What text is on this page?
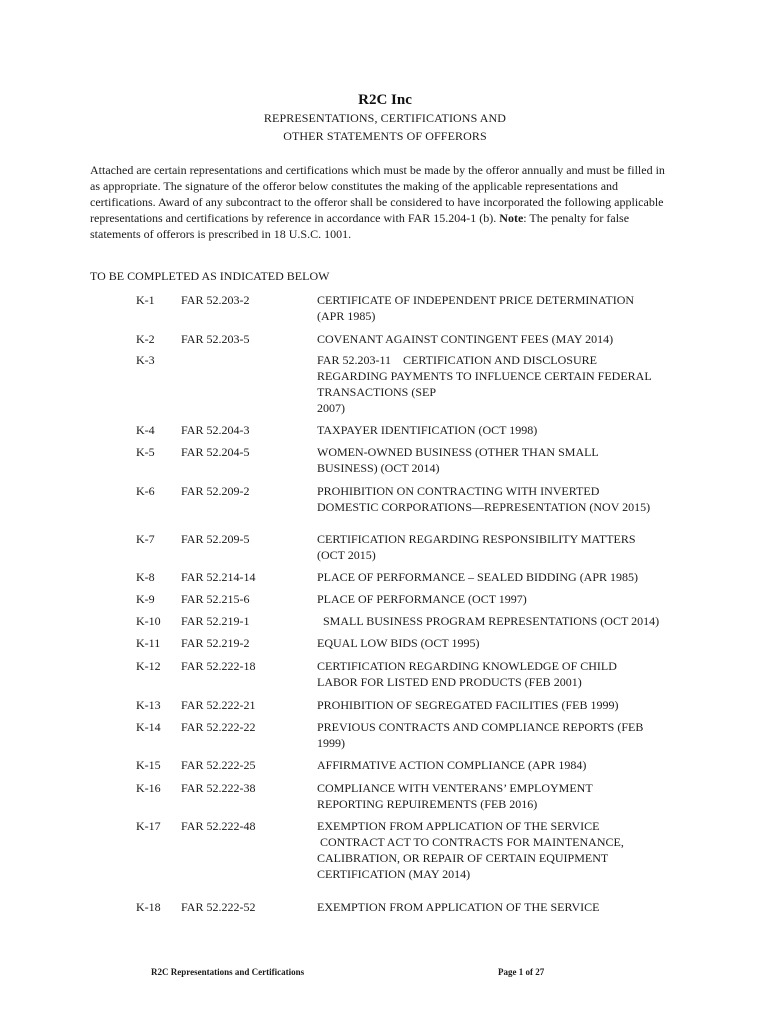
R2C Inc
REPRESENTATIONS, CERTIFICATIONS AND
OTHER STATEMENTS OF OFFERORS
Attached are certain representations and certifications which must be made by the offeror annually and must be filled in as appropriate. The signature of the offeror below constitutes the making of the applicable representations and certifications. Award of any subcontract to the offeror shall be considered to have incorporated the following applicable representations and certifications by reference in accordance with FAR 15.204-1 (b). Note: The penalty for false statements of offerors is prescribed in 18 U.S.C. 1001.
TO BE COMPLETED AS INDICATED BELOW
K-1 FAR 52.203-2	CERTIFICATE OF INDEPENDENT PRICE DETERMINATION
(APR 1985)
K-2 FAR 52.203-5	COVENANT AGAINST CONTINGENT FEES (MAY 2014)
K-3	FAR 52.203-11    CERTIFICATION AND DISCLOSURE
REGARDING PAYMENTS TO INFLUENCE CERTAIN FEDERAL
TRANSACTIONS (SEP
2007)
K-4 FAR 52.204-3	TAXPAYER IDENTIFICATION (OCT 1998)
K-5 FAR 52.204-5	WOMEN-OWNED BUSINESS (OTHER THAN SMALL
BUSINESS) (OCT 2014)
K-6 FAR 52.209-2	PROHIBITION ON CONTRACTING WITH INVERTED
DOMESTIC CORPORATIONS—REPRESENTATION (NOV 2015)
K-7 FAR 52.209-5	CERTIFICATION REGARDING RESPONSIBILITY MATTERS
(OCT 2015)
K-8 FAR 52.214-14	PLACE OF PERFORMANCE – SEALED BIDDING (APR 1985)
K-9 FAR 52.215-6	PLACE OF PERFORMANCE (OCT 1997)
K-10 FAR 52.219-1	SMALL BUSINESS PROGRAM REPRESENTATIONS (OCT 2014)
K-11 FAR 52.219-2	EQUAL LOW BIDS (OCT 1995)
K-12 FAR 52.222-18	CERTIFICATION REGARDING KNOWLEDGE OF CHILD
LABOR FOR LISTED END PRODUCTS (FEB 2001)
K-13 FAR 52.222-21	PROHIBITION OF SEGREGATED FACILITIES (FEB 1999)
K-14 FAR 52.222-22	PREVIOUS CONTRACTS AND COMPLIANCE REPORTS (FEB
1999)
K-15 FAR 52.222-25	AFFIRMATIVE ACTION COMPLIANCE (APR 1984)
K-16 FAR 52.222-38	COMPLIANCE WITH VENTERANS’ EMPLOYMENT
REPORTING REPUIREMENTS (FEB 2016)
K-17 FAR 52.222-48	EXEMPTION FROM APPLICATION OF THE SERVICE
CONTRACT ACT TO CONTRACTS FOR MAINTENANCE,
CALIBRATION, OR REPAIR OF CERTAIN EQUIPMENT
CERTIFICATION (MAY 2014)
K-18 FAR 52.222-52	EXEMPTION FROM APPLICATION OF THE SERVICE
R2C Representations and Certifications	Page 1 of 27
